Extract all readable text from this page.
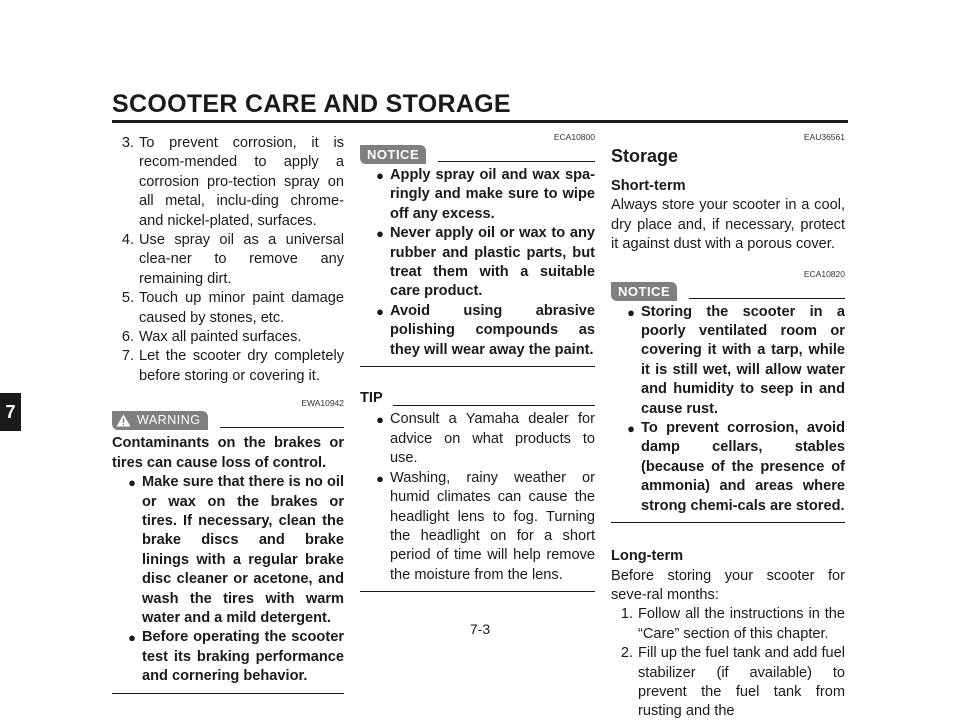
SCOOTER CARE AND STORAGE
7
3. To prevent corrosion, it is recom-mended to apply a corrosion pro-tection spray on all metal, inclu-ding chrome- and nickel-plated, surfaces.
4. Use spray oil as a universal clea-ner to remove any remaining dirt.
5. Touch up minor paint damage caused by stones, etc.
6. Wax all painted surfaces.
7. Let the scooter dry completely before storing or covering it.
EWA10942
WARNING

Contaminants on the brakes or tires can cause loss of control.

● Make sure that there is no oil or wax on the brakes or tires. If necessary, clean the brake discs and brake linings with a regular brake disc cleaner or acetone, and wash the tires with warm water and a mild detergent.
● Before operating the scooter test its braking performance and cornering behavior.
ECA10800
NOTICE
● Apply spray oil and wax spa-ringly and make sure to wipe off any excess.
● Never apply oil or wax to any rubber and plastic parts, but treat them with a suitable care product.
● Avoid using abrasive polishing compounds as they will wear away the paint.
TIP
● Consult a Yamaha dealer for advice on what products to use.
● Washing, rainy weather or humid climates can cause the headlight lens to fog. Turning the headlight on for a short period of time will help remove the moisture from the lens.
EAU36561
Storage
Short-term

Always store your scooter in a cool, dry place and, if necessary, protect it against dust with a porous cover.

ECA10820
NOTICE
● Storing the scooter in a poorly ventilated room or covering it with a tarp, while it is still wet, will allow water and humidity to seep in and cause rust.
● To prevent corrosion, avoid damp cellars, stables (because of the presence of ammonia) and areas where strong chemi-cals are stored.
Long-term

Before storing your scooter for seve-ral months:

1. Follow all the instructions in the “Care” section of this chapter.
2. Fill up the fuel tank and add fuel stabilizer (if available) to prevent the fuel tank from rusting and the
7-3
